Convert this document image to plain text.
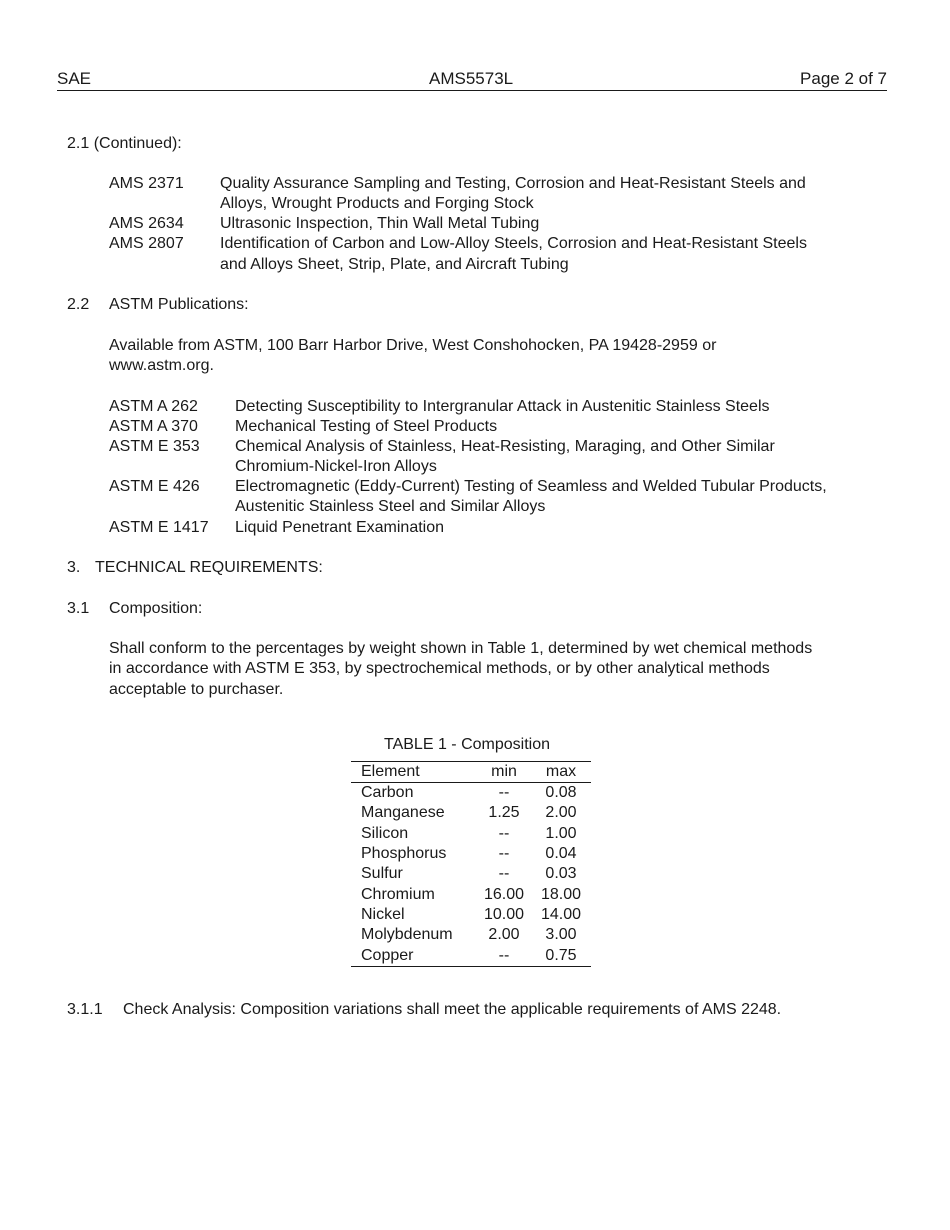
SAE	AMS5573L	Page 2 of 7
2.1 (Continued):
AMS 2371 Quality Assurance Sampling and Testing, Corrosion and Heat-Resistant Steels and
Alloys, Wrought Products and Forging Stock
AMS 2634 Ultrasonic Inspection, Thin Wall Metal Tubing
AMS 2807 Identification of Carbon and Low-Alloy Steels, Corrosion and Heat-Resistant Steels
and Alloys Sheet, Strip, Plate, and Aircraft Tubing
2.2 ASTM Publications:
Available from ASTM, 100 Barr Harbor Drive, West Conshohocken, PA 19428-2959 or
www.astm.org.
ASTM A 262 Detecting Susceptibility to Intergranular Attack in Austenitic Stainless Steels
ASTM A 370 Mechanical Testing of Steel Products
ASTM E 353 Chemical Analysis of Stainless, Heat-Resisting, Maraging, and Other Similar
Chromium-Nickel-Iron Alloys
ASTM E 426 Electromagnetic (Eddy-Current) Testing of Seamless and Welded Tubular Products,
Austenitic Stainless Steel and Similar Alloys
ASTM E 1417 Liquid Penetrant Examination
3. TECHNICAL REQUIREMENTS:
3.1 Composition:
Shall conform to the percentages by weight shown in Table 1, determined by wet chemical methods
in accordance with ASTM E 353, by spectrochemical methods, or by other analytical methods
acceptable to purchaser.
TABLE 1 - Composition
Element	min	max
Carbon	--	0.08
Manganese	1.25	2.00
Silicon	--	1.00
Phosphorus	--	0.04
Sulfur	--	0.03
Chromium	16.00	18.00
Nickel	10.00	14.00
Molybdenum	2.00	3.00
Copper	--	0.75
3.1.1 Check Analysis: Composition variations shall meet the applicable requirements of AMS 2248.
